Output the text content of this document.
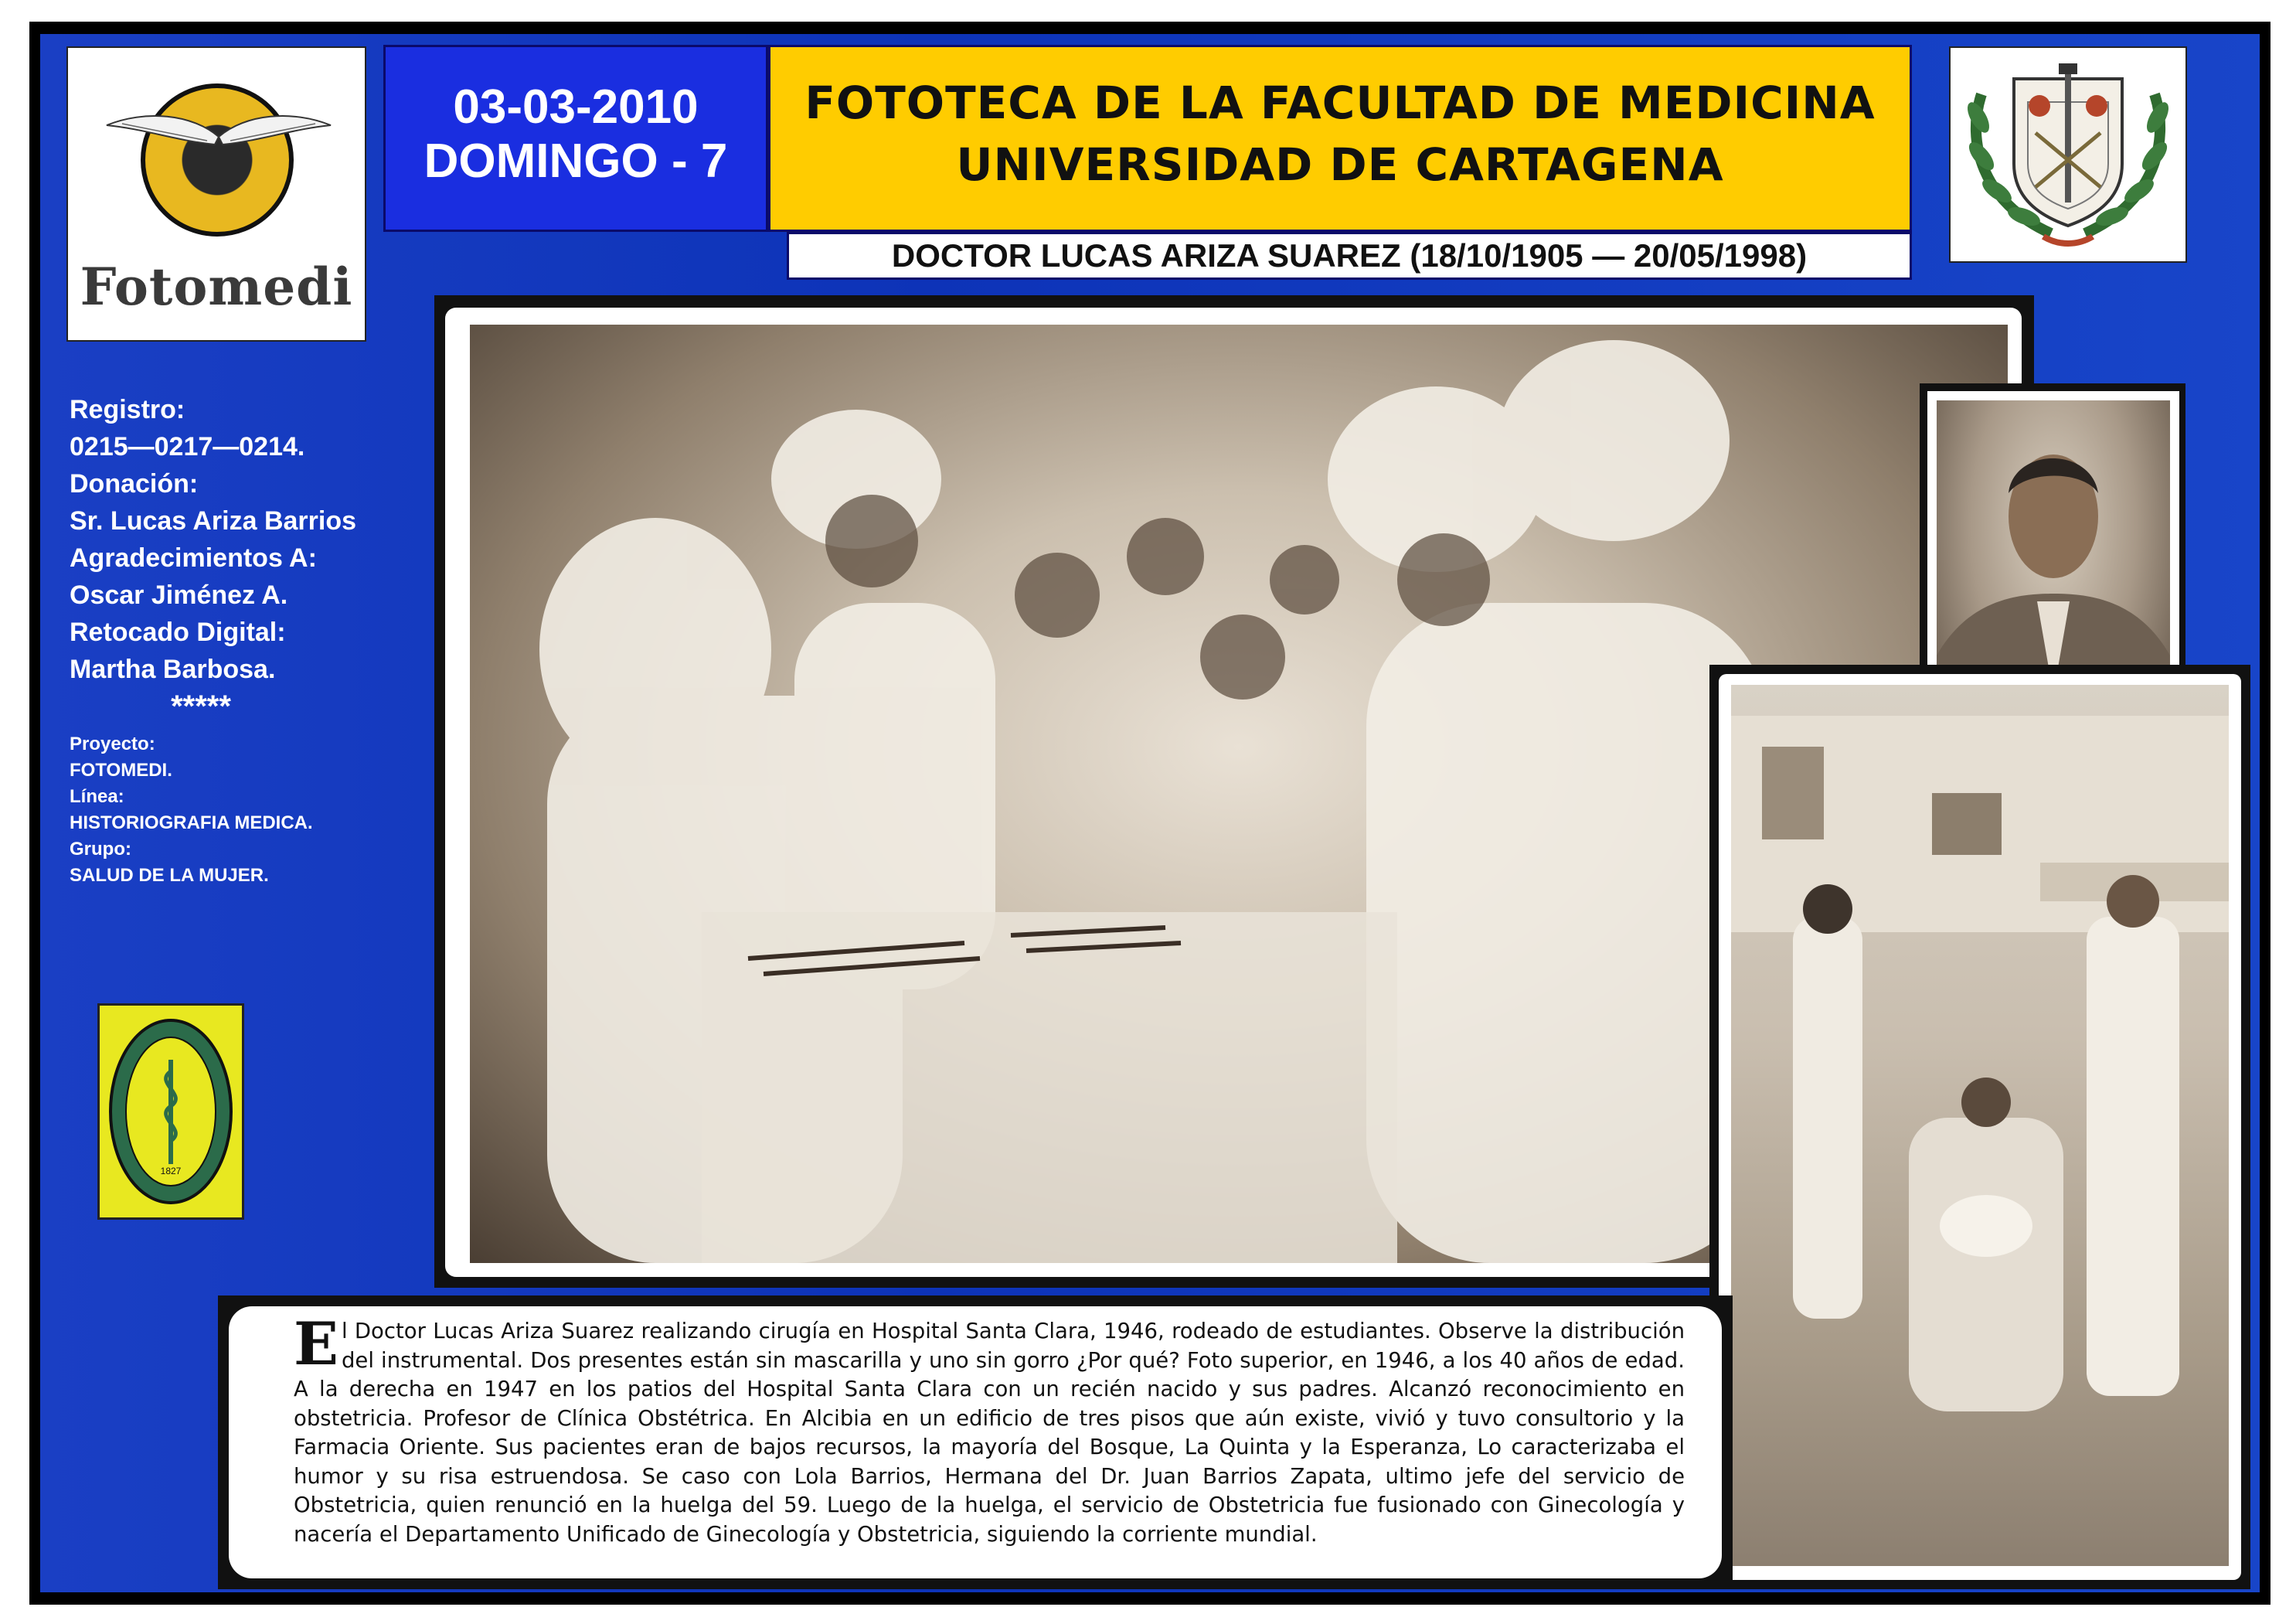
Fotomedi
03-03-2010
DOMINGO - 7
FOTOTECA DE LA FACULTAD DE MEDICINA
UNIVERSIDAD DE CARTAGENA
DOCTOR LUCAS ARIZA SUAREZ (18/10/1905 — 20/05/1998)
Registro:
0215—0217—0214.
Donación:
Sr. Lucas Ariza Barrios
Agradecimientos A:
Oscar Jiménez A.
Retocado Digital:
Martha Barbosa.
*****
Proyecto:
FOTOMEDI.
Línea:
HISTORIOGRAFIA MEDICA.
Grupo:
SALUD DE LA MUJER.
1827
El Doctor Lucas Ariza Suarez realizando cirugía en Hospital Santa Clara, 1946, rodeado de estudiantes. Observe la distribución del instrumental. Dos presentes están sin mascarilla y uno sin gorro ¿Por qué? Foto superior, en 1946, a los 40 años de edad. A la derecha en 1947 en los patios del Hospital Santa Clara con un recién nacido y sus padres. Alcanzó reconocimiento en obstetricia. Profesor de Clínica Obstétrica. En Alcibia en un edificio de tres pisos que aún existe, vivió y tuvo consultorio y la Farmacia Oriente. Sus pacientes eran de bajos recursos, la mayoría del Bosque, La Quinta y la Esperanza, Lo caracterizaba el humor y su risa estruendosa. Se caso con Lola Barrios, Hermana del Dr. Juan Barrios Zapata, ultimo jefe del servicio de Obstetricia, quien renunció en la huelga del 59. Luego de la huelga, el servicio de Obstetricia fue fusionado con Ginecología y nacería el Departamento Unificado de Ginecología y Obstetricia, siguiendo la corriente mundial.
